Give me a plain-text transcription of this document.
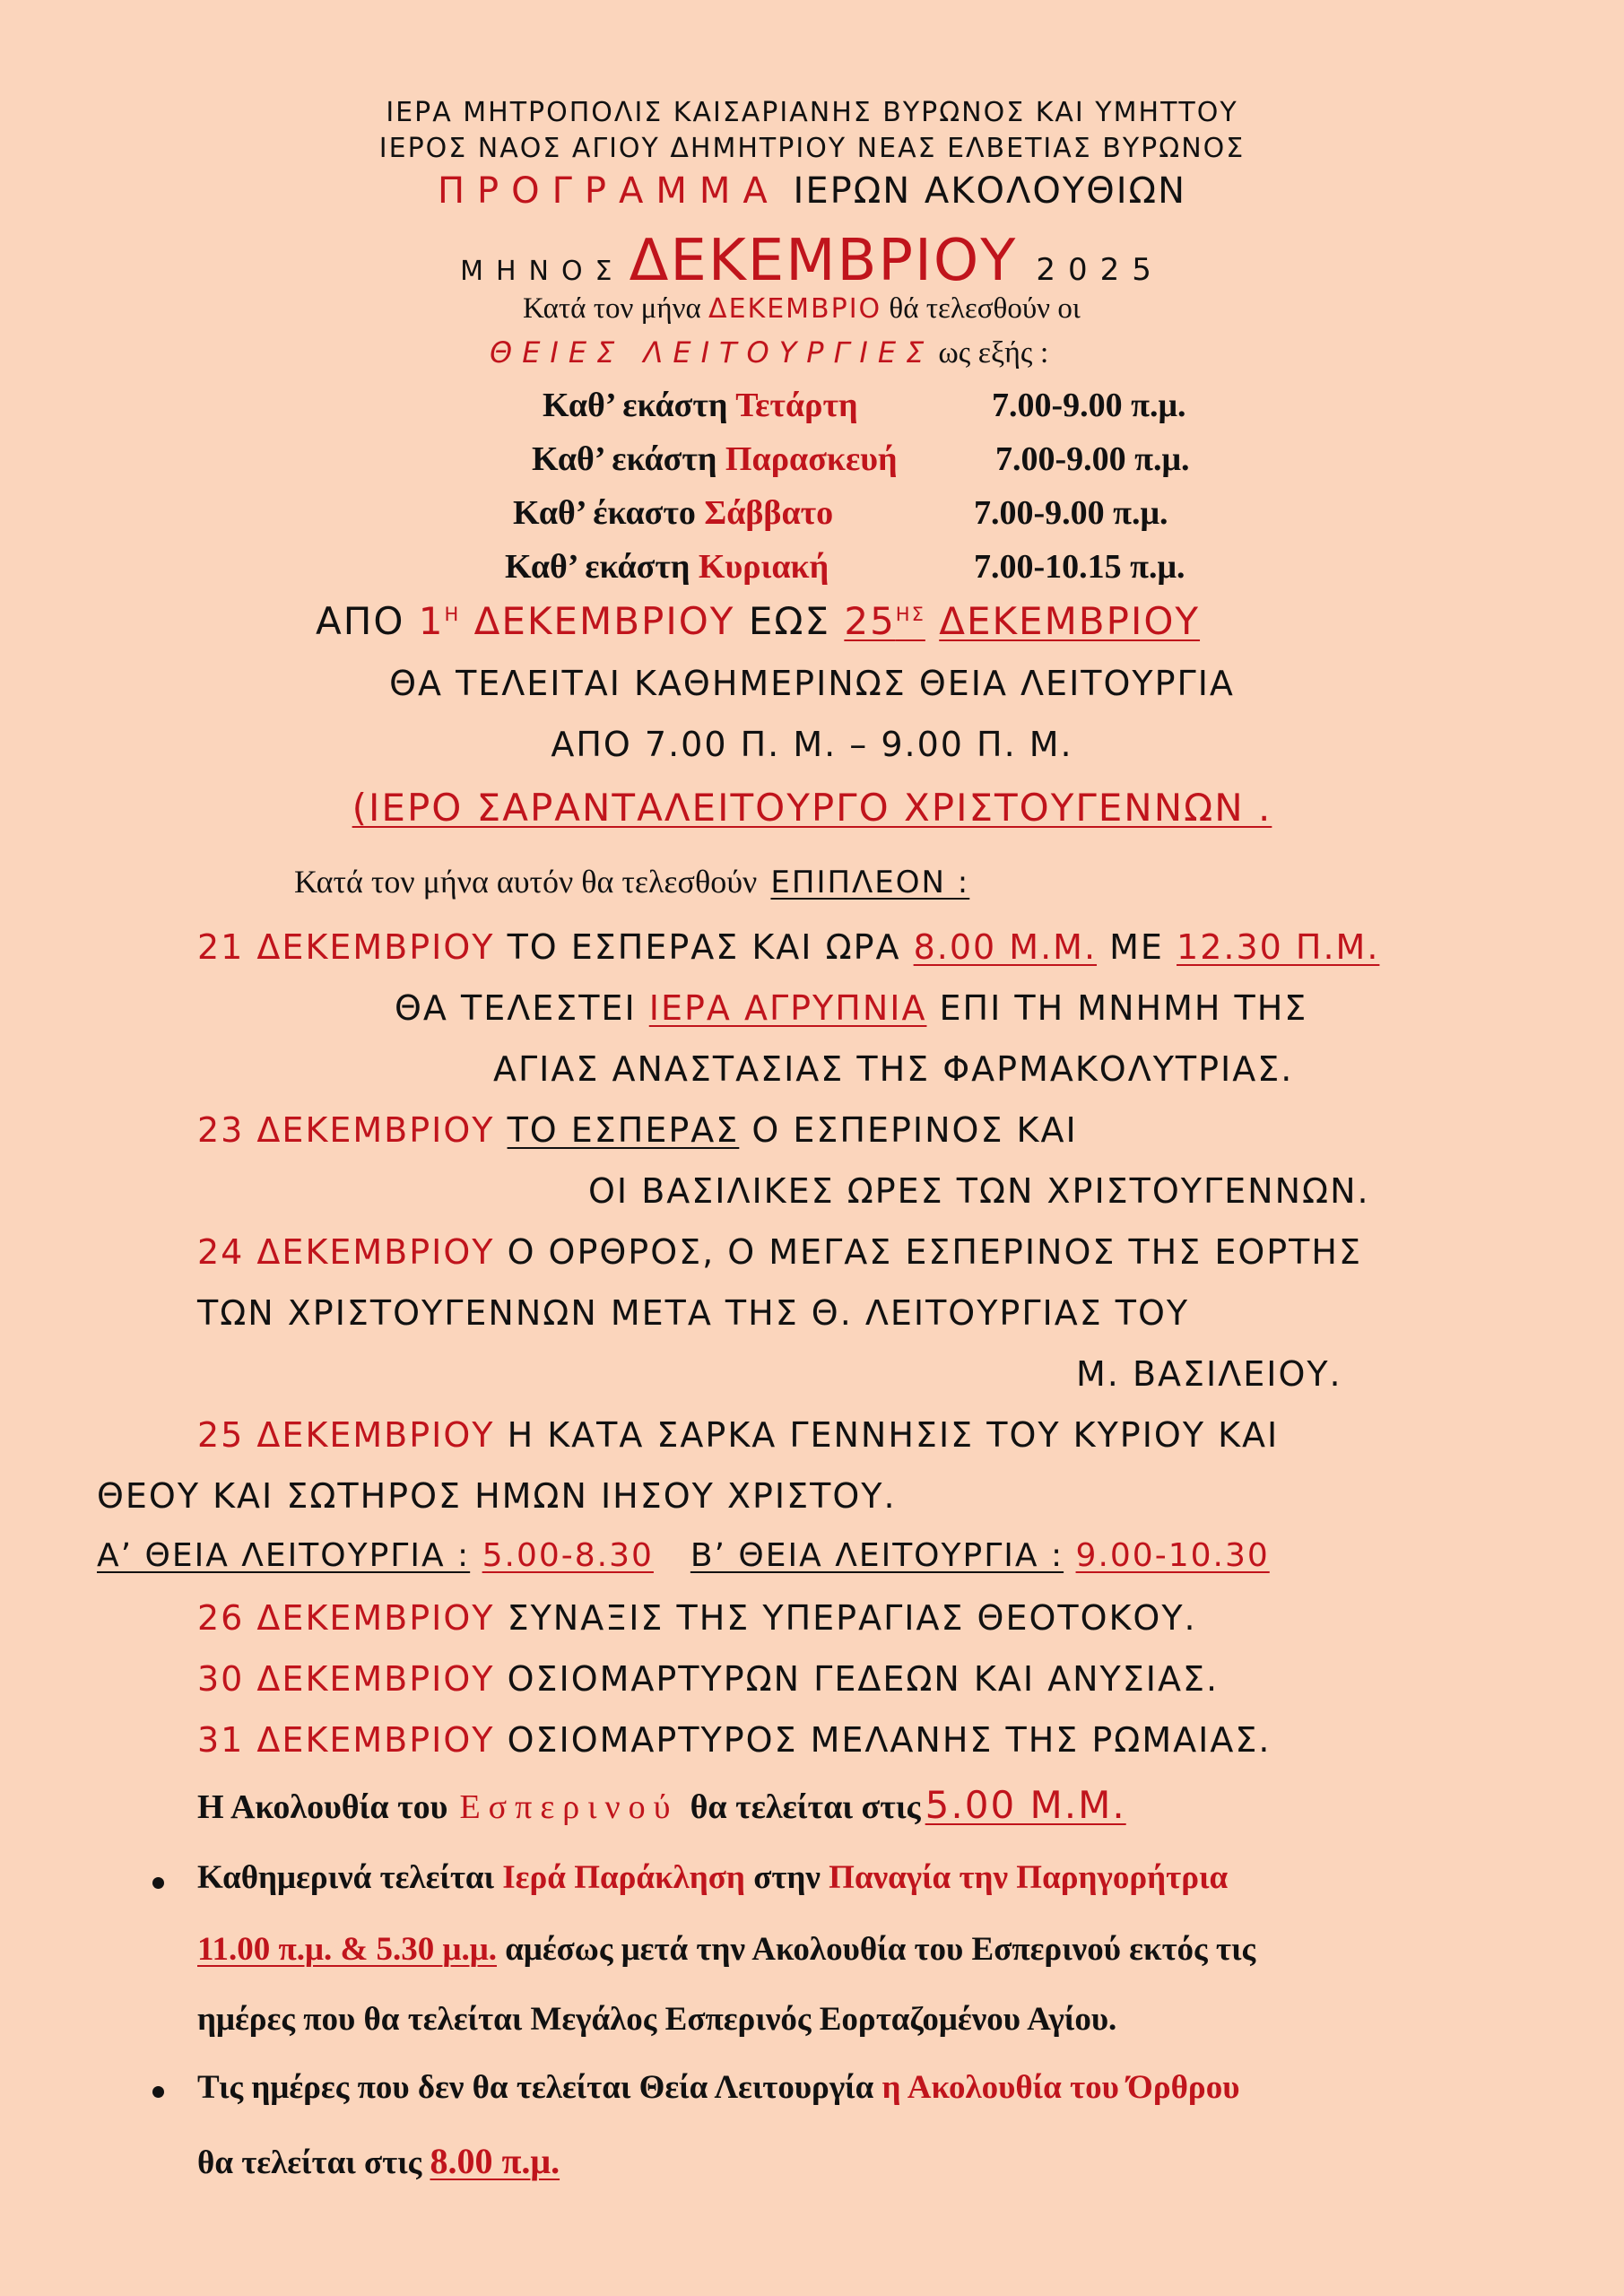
ΙΕΡΑ ΜΗΤΡΟΠΟΛΙΣ ΚΑΙΣΑΡΙΑΝΗΣ ΒΥΡΩΝΟΣ ΚΑΙ ΥΜΗΤΤΟΥ
ΙΕΡΟΣ ΝΑΟΣ ΑΓΙΟΥ ΔΗΜΗΤΡΙΟΥ ΝΕΑΣ ΕΛΒΕΤΙΑΣ ΒΥΡΩΝΟΣ
ΠΡΟΓΡΑΜΜΑ ΙΕΡΩΝ ΑΚΟΛΟΥΘΙΩΝ
ΜΗΝΟΣ ΔΕΚΕΜΒΡΙΟΥ 2025
Κατά τον μήνα ΔΕΚΕΜΒΡΙΟ θά τελεσθούν οι
ΘΕΙΕΣ ΛΕΙΤΟΥΡΓΙΕΣ ως εξής :
Καθ’ εκάστη Τετάρτη	7.00-9.00 π.μ.
Καθ’ εκάστη Παρασκευή	7.00-9.00 π.μ.
Καθ’ έκαστο Σάββατο	7.00-9.00 π.μ.
Καθ’ εκάστη Κυριακή	7.00-10.15 π.μ.
ΑΠΟ $1^H$ ΔΕΚΕΜΒΡΙΟΥ ΕΩΣ $25^{H\Sigma}$ ΔΕΚΕΜΒΡΙΟΥ
ΘΑ ΤΕΛΕΙΤΑΙ ΚΑΘΗΜΕΡΙΝΩΣ ΘΕΙΑ ΛΕΙΤΟΥΡΓΙΑ
ΑΠΟ 7.00 Π. Μ. – 9.00 Π. Μ.
(ΙΕΡΟ ΣΑΡΑΝΤΑΛΕΙΤΟΥΡΓΟ ΧΡΙΣΤΟΥΓΕΝΝΩΝ .
Κατά τον μήνα αυτόν θα τελεσθούν ΕΠΙΠΛΕΟΝ :
21 ΔΕΚΕΜΒΡΙΟΥ ΤΟ ΕΣΠΕΡΑΣ ΚΑΙ ΩΡΑ 8.00 Μ.Μ. ΜΕ 12.30 Π.Μ.
ΘΑ ΤΕΛΕΣΤΕΙ ΙΕΡΑ ΑΓΡΥΠΝΙΑ ΕΠΙ ΤΗ ΜΝΗΜΗ ΤΗΣ
ΑΓΙΑΣ ΑΝΑΣΤΑΣΙΑΣ ΤΗΣ ΦΑΡΜΑΚΟΛΥΤΡΙΑΣ.
23 ΔΕΚΕΜΒΡΙΟΥ ΤΟ ΕΣΠΕΡΑΣ Ο ΕΣΠΕΡΙΝΟΣ ΚΑΙ
ΟΙ ΒΑΣΙΛΙΚΕΣ ΩΡΕΣ ΤΩΝ ΧΡΙΣΤΟΥΓΕΝΝΩΝ.
24 ΔΕΚΕΜΒΡΙΟΥ Ο ΟΡΘΡΟΣ, Ο ΜΕΓΑΣ ΕΣΠΕΡΙΝΟΣ ΤΗΣ ΕΟΡΤΗΣ
ΤΩΝ ΧΡΙΣΤΟΥΓΕΝΝΩΝ ΜΕΤΑ ΤΗΣ Θ. ΛΕΙΤΟΥΡΓΙΑΣ ΤΟΥ
Μ. ΒΑΣΙΛΕΙΟΥ.
25 ΔΕΚΕΜΒΡΙΟΥ Η ΚΑΤΑ ΣΑΡΚΑ ΓΕΝΝΗΣΙΣ ΤΟΥ ΚΥΡΙΟΥ ΚΑΙ
ΘΕΟΥ ΚΑΙ ΣΩΤΗΡΟΣ ΗΜΩΝ ΙΗΣΟΥ ΧΡΙΣΤΟΥ.
Α’ ΘΕΙΑ ΛΕΙΤΟΥΡΓΙΑ : 5.00-8.30 Β’ ΘΕΙΑ ΛΕΙΤΟΥΡΓΙΑ : 9.00-10.30
26 ΔΕΚΕΜΒΡΙΟΥ ΣΥΝΑΞΙΣ ΤΗΣ ΥΠΕΡΑΓΙΑΣ ΘΕΟΤΟΚΟΥ.
30 ΔΕΚΕΜΒΡΙΟΥ ΟΣΙΟΜΑΡΤΥΡΩΝ ΓΕΔΕΩΝ ΚΑΙ ΑΝΥΣΙΑΣ.
31 ΔΕΚΕΜΒΡΙΟΥ ΟΣΙΟΜΑΡΤΥΡΟΣ ΜΕΛΑΝΗΣ ΤΗΣ ΡΩΜΑΙΑΣ.
Η Ακολουθία του Εσπερινού θα τελείται στις 5.00 Μ.Μ.
Καθημερινά τελείται Ιερά Παράκληση στην Παναγία την Παρηγορήτρια
11.00 π.μ. & 5.30 μ.μ. αμέσως μετά την Ακολουθία του Εσπερινού εκτός τις
ημέρες που θα τελείται Μεγάλος Εσπερινός Εορταζομένου Αγίου.
Τις ημέρες που δεν θα τελείται Θεία Λειτουργία η Ακολουθία του Όρθρου
θα τελείται στις 8.00 π.μ.
